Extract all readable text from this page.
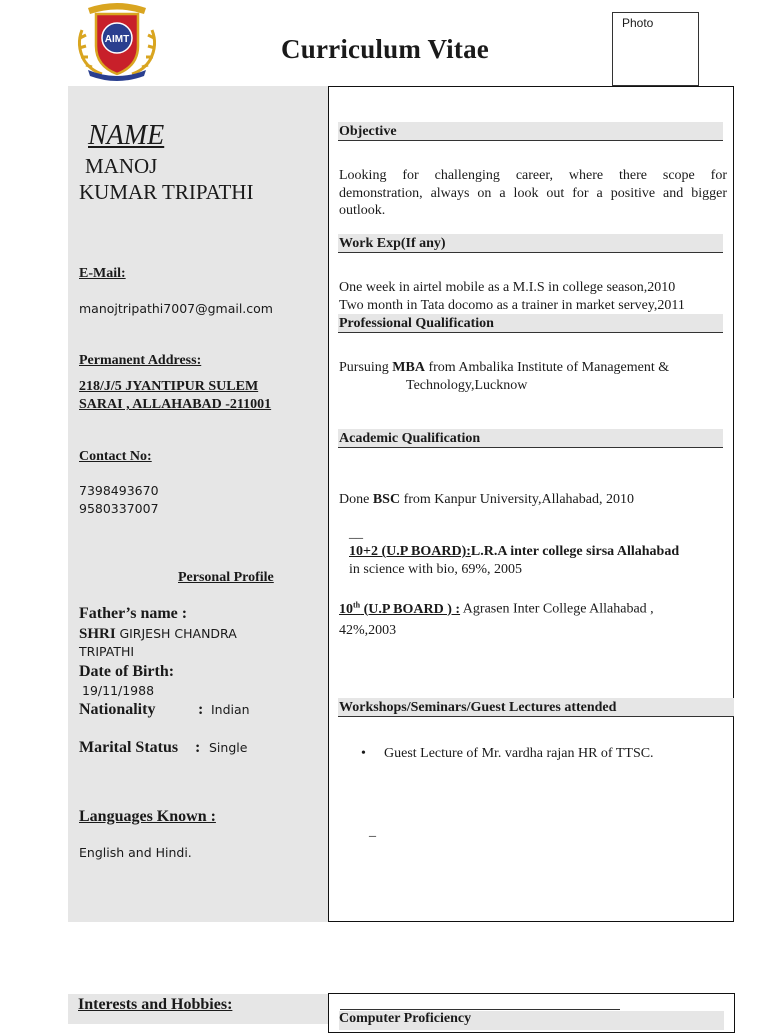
AIMT	Curriculum Vitae
Photo
NAME
MANOJ
KUMAR TRIPATHI
E-Mail:
manojtripathi7007@gmail.com
Permanent Address:
218/J/5 JYANTIPUR SULEM
SARAI , ALLAHABAD -211001
Contact No:
7398493670
9580337007
Personal Profile
Father’s name :
SHRI GIRJESH CHANDRA
TRIPATHI
Date of Birth:
19/11/1988
Nationality	: Indian
Marital Status : Single
Languages Known :
English and Hindi.
Objective
Looking for challenging career, where there scope for demonstration, always on a look out for a positive and bigger outlook.
Work Exp(If any)
One week in airtel mobile as a M.I.S in college season,2010
Two month in Tata docomo as a trainer in market servey,2011
Professional Qualification
Pursuing MBA from Ambalika Institute of Management &
Technology,Lucknow
Academic Qualification
Done BSC from Kanpur University,Allahabad, 2010
__
10+2 (U.P BOARD):L.R.A inter college sirsa Allahabad
in science with bio, 69%, 2005
10th (U.P BOARD ) : Agrasen Inter College Allahabad ,
42%,2003
Workshops/Seminars/Guest Lectures attended
• Guest Lecture of Mr. vardha rajan HR of TTSC.
_
Interests and Hobbies:
Computer Proficiency
